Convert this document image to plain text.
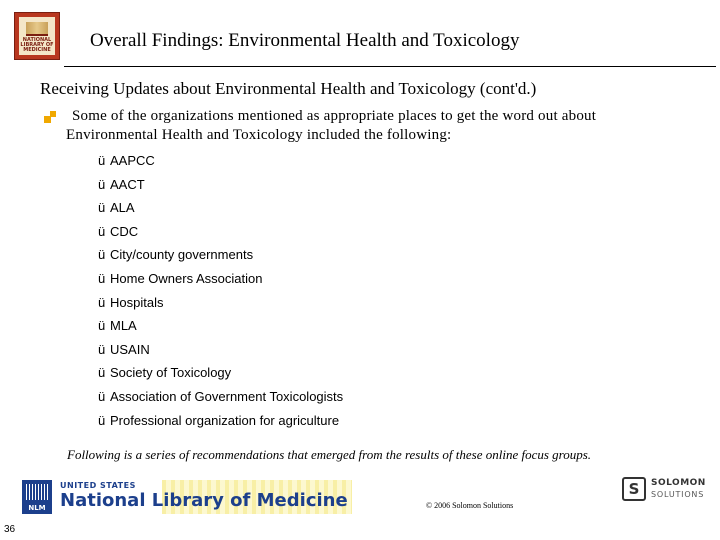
NATIONAL LIBRARY OF MEDICINE Overall Findings: Environmental Health and Toxicology
Receiving Updates about Environmental Health and Toxicology (cont'd.)
Some of the organizations mentioned as appropriate places to get the word out about
Environmental Health and Toxicology included the following:
ü AAPCC
ü AACT
ü ALA
ü CDC
ü City/county governments
ü Home Owners Association
ü Hospitals
ü MLA
ü USAIN
ü Society of Toxicology
ü Association of Government Toxicologists
ü Professional organization for agriculture
Following is a series of recommendations that emerged from the results of these online focus groups.
NLM
UNITED STATES
National Library of Medicine	© 2006 Solomon Solutions
S	SOLOMON
SOLUTIONS
36
